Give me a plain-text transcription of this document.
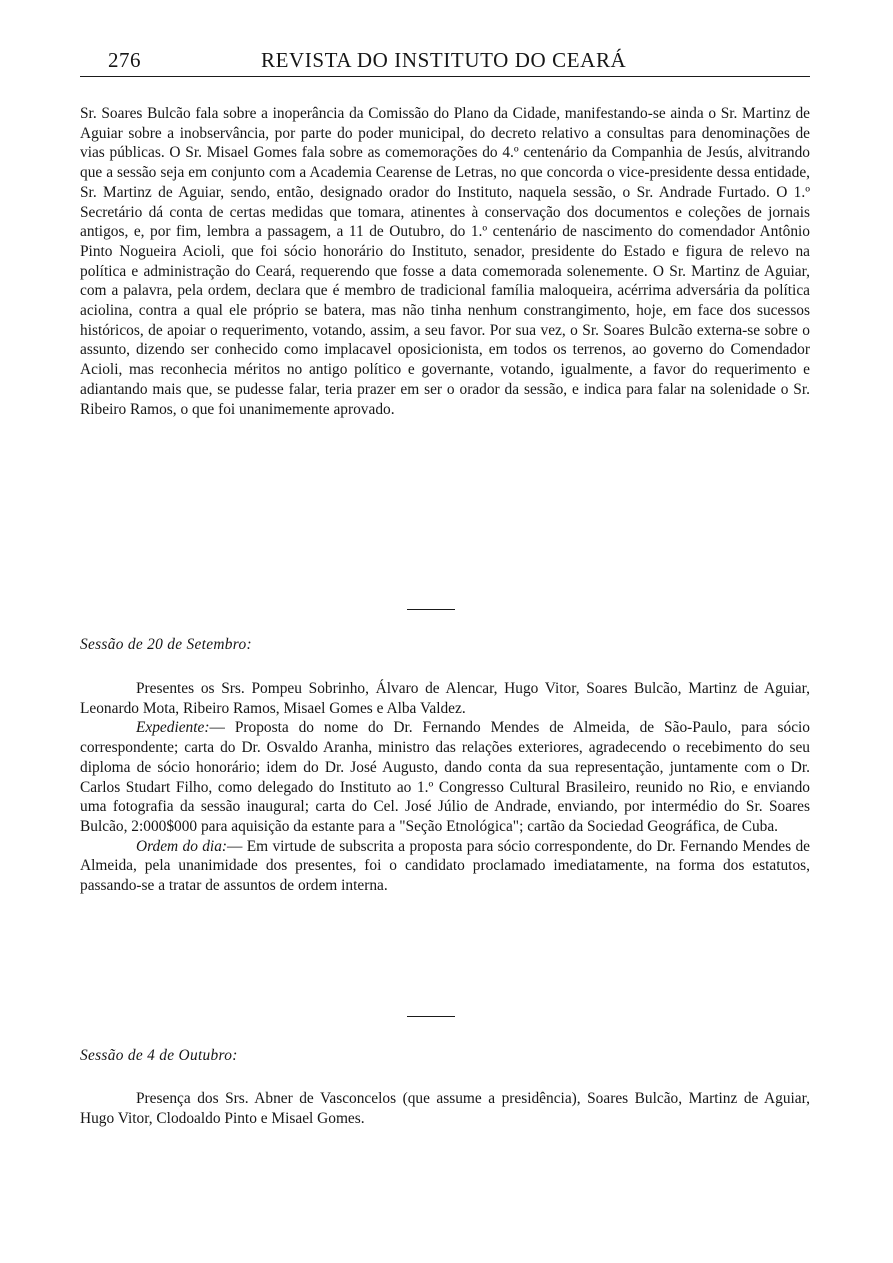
276	REVISTA DO INSTITUTO DO CEARÁ

Sr. Soares Bulcão fala sobre a inoperância da Comissão do Plano da Cidade, manifestando-se ainda o Sr. Martinz de Aguiar sobre a inobservância, por parte do poder municipal, do decreto relativo a consultas para denominações de vias públicas. O Sr. Misael Gomes fala sobre as comemorações do 4.º centenário da Companhia de Jesús, alvitrando que a sessão seja em conjunto com a Academia Cearense de Letras, no que concorda o vice-presidente dessa entidade, Sr. Martinz de Aguiar, sendo, então, designado orador do Instituto, naquela sessão, o Sr. Andrade Furtado. O 1.º Secretário dá conta de certas medidas que tomara, atinentes à conservação dos documentos e coleções de jornais antigos, e, por fim, lembra a passagem, a 11 de Outubro, do 1.º centenário de nascimento do comendador Antônio Pinto Nogueira Acioli, que foi sócio honorário do Instituto, senador, presidente do Estado e figura de relevo na política e administração do Ceará, requerendo que fosse a data comemorada solenemente. O Sr. Martinz de Aguiar, com a palavra, pela ordem, declara que é membro de tradicional família maloqueira, acérrima adversária da política aciolina, contra a qual ele próprio se batera, mas não tinha nenhum constrangimento, hoje, em face dos sucessos históricos, de apoiar o requerimento, votando, assim, a seu favor. Por sua vez, o Sr. Soares Bulcão externa-se sobre o assunto, dizendo ser conhecido como implacavel oposicionista, em todos os terrenos, ao governo do Comendador Acioli, mas reconhecia méritos no antigo político e governante, votando, igualmente, a favor do requerimento e adiantando mais que, se pudesse falar, teria prazer em ser o orador da sessão, e indica para falar na solenidade o Sr. Ribeiro Ramos, o que foi unanimemente aprovado.

Sessão de 20 de Setembro:

Presentes os Srs. Pompeu Sobrinho, Álvaro de Alencar, Hugo Vitor, Soares Bulcão, Martinz de Aguiar, Leonardo Mota, Ribeiro Ramos, Misael Gomes e Alba Valdez.

Expediente:— Proposta do nome do Dr. Fernando Mendes de Almeida, de São-Paulo, para sócio correspondente; carta do Dr. Osvaldo Aranha, ministro das relações exteriores, agradecendo o recebimento do seu diploma de sócio honorário; idem do Dr. José Augusto, dando conta da sua representação, juntamente com o Dr. Carlos Studart Filho, como delegado do Instituto ao 1.º Congresso Cultural Brasileiro, reunido no Rio, e enviando uma fotografia da sessão inaugural; carta do Cel. José Júlio de Andrade, enviando, por intermédio do Sr. Soares Bulcão, 2:000$000 para aquisição da estante para a "Seção Etnológica"; cartão da Sociedad Geográfica, de Cuba.

Ordem do dia:— Em virtude de subscrita a proposta para sócio correspondente, do Dr. Fernando Mendes de Almeida, pela unanimidade dos presentes, foi o candidato proclamado imediatamente, na forma dos estatutos, passando-se a tratar de assuntos de ordem interna.

Sessão de 4 de Outubro:

Presença dos Srs. Abner de Vasconcelos (que assume a presidência), Soares Bulcão, Martinz de Aguiar, Hugo Vitor, Clodoaldo Pinto e Misael Gomes.
